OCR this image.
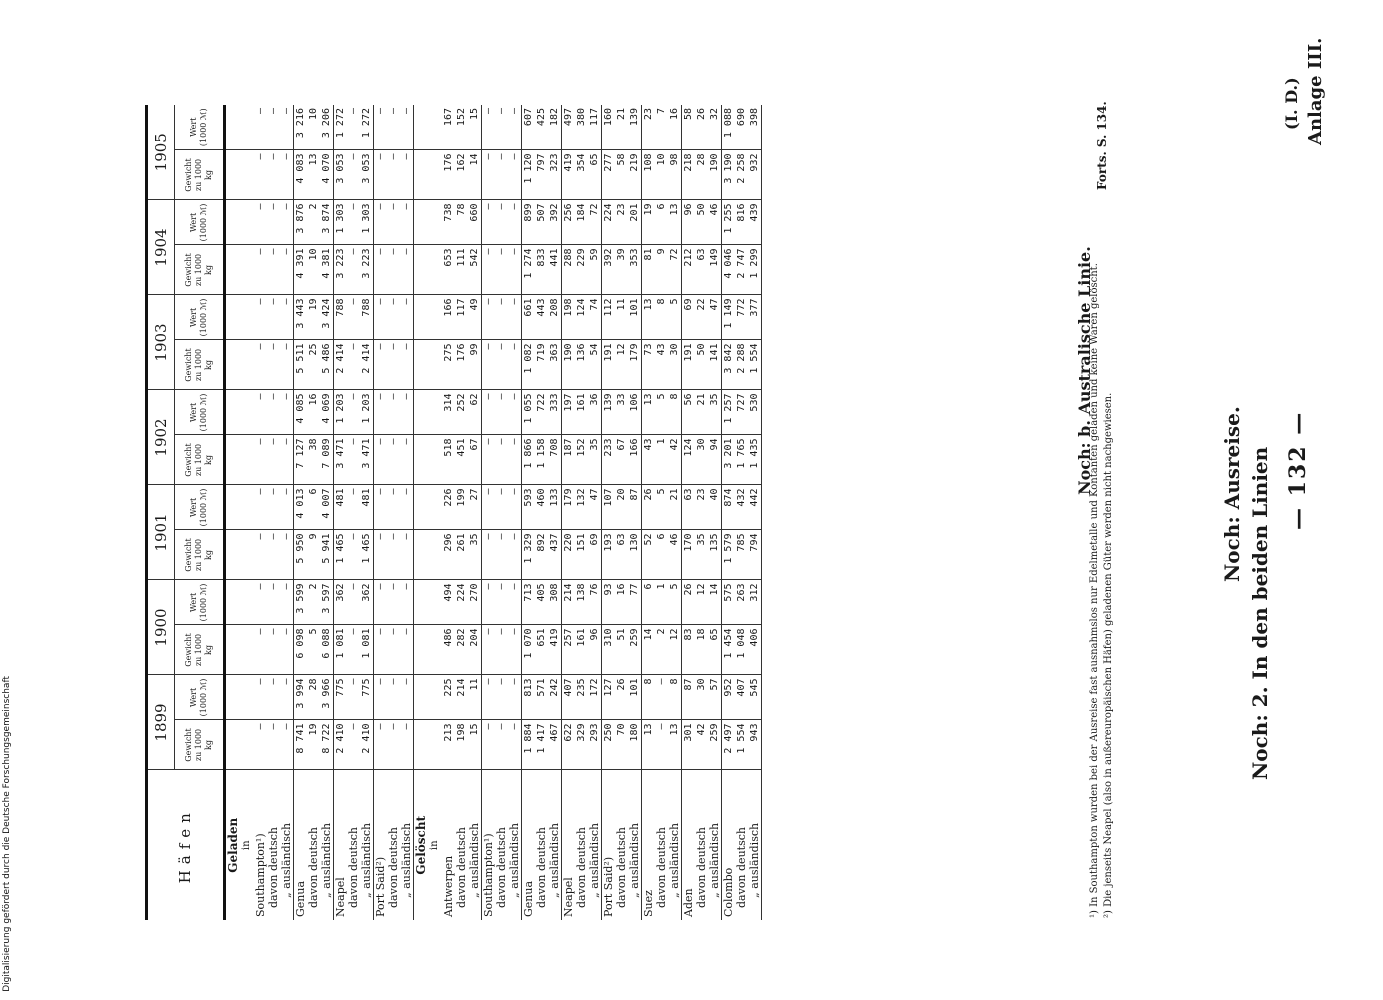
— 132 —
Noch: Ausreise. Noch: 2. In den beiden Linien
Noch: b. Australische Linie.
Anlage III.
(I. D.)
Häfen	1899		1900		1901		1902		1903		1904		1905	
	Gewicht zu 1000 kg	Wert (1000 ℳ)	Gewicht zu 1000 kg	Wert (1000 ℳ)	Gewicht zu 1000 kg	Wert (1000 ℳ)	Gewicht zu 1000 kg	Wert (1000 ℳ)	Gewicht zu 1000 kg	Wert (1000 ℳ)	Gewicht zu 1000 kg	Wert (1000 ℳ)	Gewicht zu 1000 kg	Wert (1000 ℳ)

Geladen in														

Southampton¹)	—	—	—	—	—	—	—	—	—	—	—	—	—	—
davon deutsch	—	—	—	—	—	—	—	—	—	—	—	—	—	—
„ ausländisch	—	—	—	—	—	—	—	—	—	—	—	—	—	—
Genua	8 741	3 994	6 098	3 599	5 950	4 013	7 127	4 085	5 511	3 443	4 391	3 876	4 083	3 216
davon deutsch	19	28	5	2	9	6	38	16	25	19	10	2	13	10
„ ausländisch	8 722	3 966	6 088	3 597	5 941	4 007	7 089	4 069	5 486	3 424	4 381	3 874	4 070	3 206
Neapel	2 410	775	1 081	362	1 465	481	3 471	1 203	2 414	788	3 223	1 303	3 053	1 272
davon deutsch	—	—	—	—	—	—	—	—	—	—	—	—	—	—
„ ausländisch	2 410	775	1 081	362	1 465	481	3 471	1 203	2 414	788	3 223	1 303	3 053	1 272
Port Said²)	—	—	—	—	—	—	—	—	—	—	—	—	—	—
davon deutsch	—	—	—	—	—	—	—	—	—	—	—	—	—	—
„ ausländisch	—	—	—	—	—	—	—	—	—	—	—	—	—	—

Gelöscht in														

Antwerpen	213	225	486	494	296	226	518	314	275	166	653	738	176	167
davon deutsch	198	214	282	224	261	199	451	252	176	117	111	78	162	152
„ ausländisch	15	11	204	270	35	27	67	62	99	49	542	660	14	15
Southampton¹)	—	—	—	—	—	—	—	—	—	—	—	—	—	—
davon deutsch	—	—	—	—	—	—	—	—	—	—	—	—	—	—
„ ausländisch	—	—	—	—	—	—	—	—	—	—	—	—	—	—
Genua	1 884	813	1 070	713	1 329	593	1 866	1 055	1 082	661	1 274	899	1 120	607
davon deutsch	1 417	571	651	405	892	460	1 158	722	719	443	833	507	797	425
„ ausländisch	467	242	419	308	437	133	708	333	363	208	441	392	323	182
Neapel	622	407	257	214	220	179	187	197	190	198	288	256	419	497
davon deutsch	329	235	161	138	151	132	152	161	136	124	229	184	354	380
„ ausländisch	293	172	96	76	69	47	35	36	54	74	59	72	65	117
Port Said²)	250	127	310	93	193	107	233	139	191	112	392	224	277	160
davon deutsch	70	26	51	16	63	20	67	33	12	11	39	23	58	21
„ ausländisch	180	101	259	77	130	87	166	106	179	101	353	201	219	139
Suez	13	8	14	6	52	26	43	13	73	13	81	19	108	23
davon deutsch	—	—	2	1	6	5	1	5	43	8	9	6	10	7
„ ausländisch	13	8	12	5	46	21	42	8	30	5	72	13	98	16
Aden	301	87	83	26	170	63	124	56	191	69	212	96	218	58
davon deutsch	42	30	18	12	35	23	30	21	50	22	63	50	28	26
„ ausländisch	259	57	65	14	135	40	94	35	141	47	149	46	190	32
Colombo	2 497	952	1 454	575	1 579	874	3 201	1 257	3 842	1 149	4 046	1 255	3 190	1 088
davon deutsch	1 554	407	1 048	263	785	432	1 765	727	2 288	772	2 747	816	2 258	690
„ ausländisch	943	545	406	312	794	442	1 435	530	1 554	377	1 299	439	932	398
¹) In Southampton wurden bei der Ausreise fast ausnahmslos nur Edelmetalle und Kontanten geladen und keine Waren gelöscht. ²) Die jenseits Neapel (also in außereuropäischen Häfen) geladenen Güter werden nicht nachgewiesen.
Forts. S. 134.
Digitalisierung gefördert durch die Deutsche Forschungsgemeinschaft
